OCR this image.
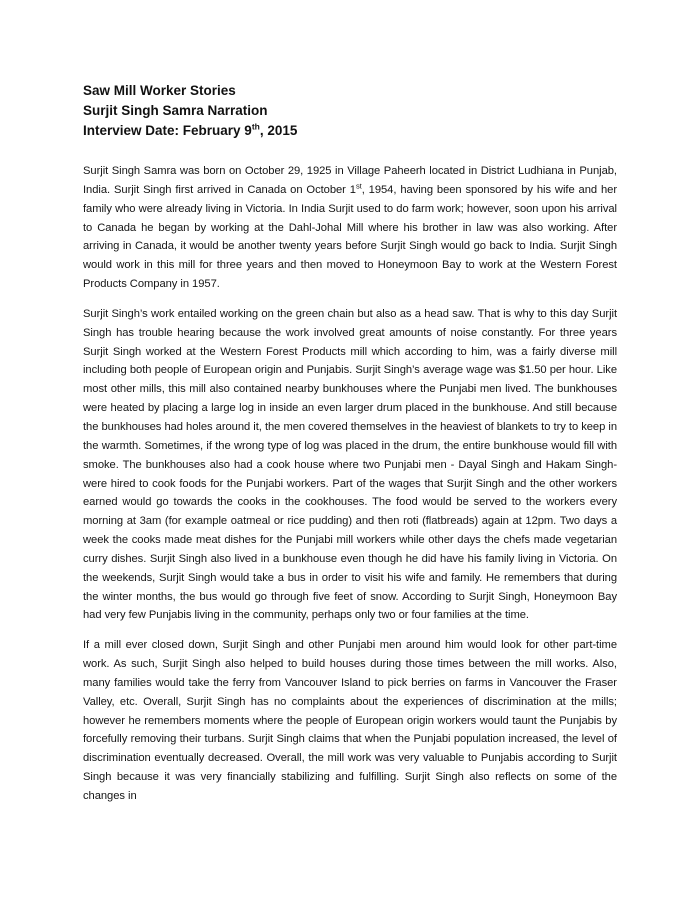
Saw Mill Worker Stories
Surjit Singh Samra Narration
Interview Date: February 9th, 2015

Surjit Singh Samra was born on October 29, 1925 in Village Paheerh located in District Ludhiana in Punjab, India. Surjit Singh first arrived in Canada on October 1st, 1954, having been sponsored by his wife and her family who were already living in Victoria. In India Surjit used to do farm work; however, soon upon his arrival to Canada he began by working at the Dahl-Johal Mill where his brother in law was also working. After arriving in Canada, it would be another twenty years before Surjit Singh would go back to India. Surjit Singh would work in this mill for three years and then moved to Honeymoon Bay to work at the Western Forest Products Company in 1957.

Surjit Singh’s work entailed working on the green chain but also as a head saw. That is why to this day Surjit Singh has trouble hearing because the work involved great amounts of noise constantly. For three years Surjit Singh worked at the Western Forest Products mill which according to him, was a fairly diverse mill including both people of European origin and Punjabis. Surjit Singh’s average wage was $1.50 per hour. Like most other mills, this mill also contained nearby bunkhouses where the Punjabi men lived. The bunkhouses were heated by placing a large log in inside an even larger drum placed in the bunkhouse. And still because the bunkhouses had holes around it, the men covered themselves in the heaviest of blankets to try to keep in the warmth. Sometimes, if the wrong type of log was placed in the drum, the entire bunkhouse would fill with smoke. The bunkhouses also had a cook house where two Punjabi men - Dayal Singh and Hakam Singh- were hired to cook foods for the Punjabi workers. Part of the wages that Surjit Singh and the other workers earned would go towards the cooks in the cookhouses. The food would be served to the workers every morning at 3am (for example oatmeal or rice pudding) and then roti (flatbreads) again at 12pm. Two days a week the cooks made meat dishes for the Punjabi mill workers while other days the chefs made vegetarian curry dishes. Surjit Singh also lived in a bunkhouse even though he did have his family living in Victoria. On the weekends, Surjit Singh would take a bus in order to visit his wife and family. He remembers that during the winter months, the bus would go through five feet of snow. According to Surjit Singh, Honeymoon Bay had very few Punjabis living in the community, perhaps only two or four families at the time.

If a mill ever closed down, Surjit Singh and other Punjabi men around him would look for other part-time work. As such, Surjit Singh also helped to build houses during those times between the mill works. Also, many families would take the ferry from Vancouver Island to pick berries on farms in Vancouver the Fraser Valley, etc. Overall, Surjit Singh has no complaints about the experiences of discrimination at the mills; however he remembers moments where the people of European origin workers would taunt the Punjabis by forcefully removing their turbans. Surjit Singh claims that when the Punjabi population increased, the level of discrimination eventually decreased. Overall, the mill work was very valuable to Punjabis according to Surjit Singh because it was very financially stabilizing and fulfilling. Surjit Singh also reflects on some of the changes in
